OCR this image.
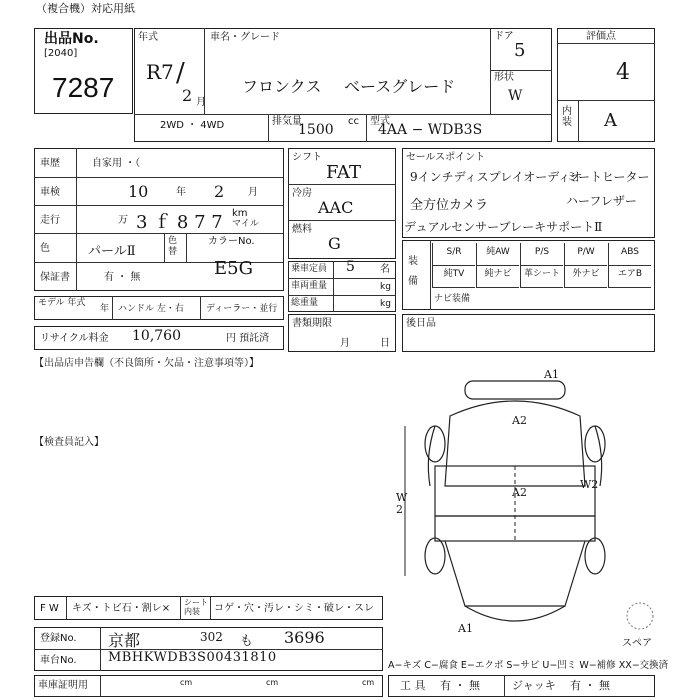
（複合機）対応用紙
出品No.
[2040]
7287
年式
R7 /
2 月
車名・グレード
フロンクス ベースグレード
ドア
5
形状
W
2WD ・ 4WD	排気量	cc
1500
型式
4AA − WDB3S
評価点
4
内装 A
車歴	自家用 ・（
車検	10	年 2 月
走行	万 3 ｆ 8 7 7 km
マイル
色	パールⅡ
色替
カラーNo.
E5G
保証書	有 ・ 無
モデル 年式
年 ハンドル 左・右 ディーラー・並行
リサイクル料金 10,760	円 預託済
シフト
FAT
冷房
AAC
燃料
G
乗車定員 5	名
車両重量	kg
総重量	kg
書類期限
月	日
セールスポイント
9インチディスプレイオーディオ
ミートヒーター
全方位カメラ	ハーフレザー
デュアルセンサーブレーキサポートⅡ
装備
S/R	純AW	P/S	P/W	ABS
純TV	純ナビ	革シート	外ナビ	エアB
ナビ装備
後日品
【出品店申告欄（不良箇所・欠品・注意事項等）】
【検査員記入】
A1
A2
A2
W2
W
2
A1
スペア
F W キズ・トビ石・割レ×
シート 内装	コゲ・穴・汚レ・シミ・破レ・スレ
登録No. 京都	302 も 3696
車台No. MBHKWDB3S00431810
A−キズ C−腐食 E−エクボ S−サビ U−凹ミ W−補修 XX−交換済
車庫証明用	cm	cm	cm 工 具 有 ・ 無	ジャッキ 有 ・ 無
